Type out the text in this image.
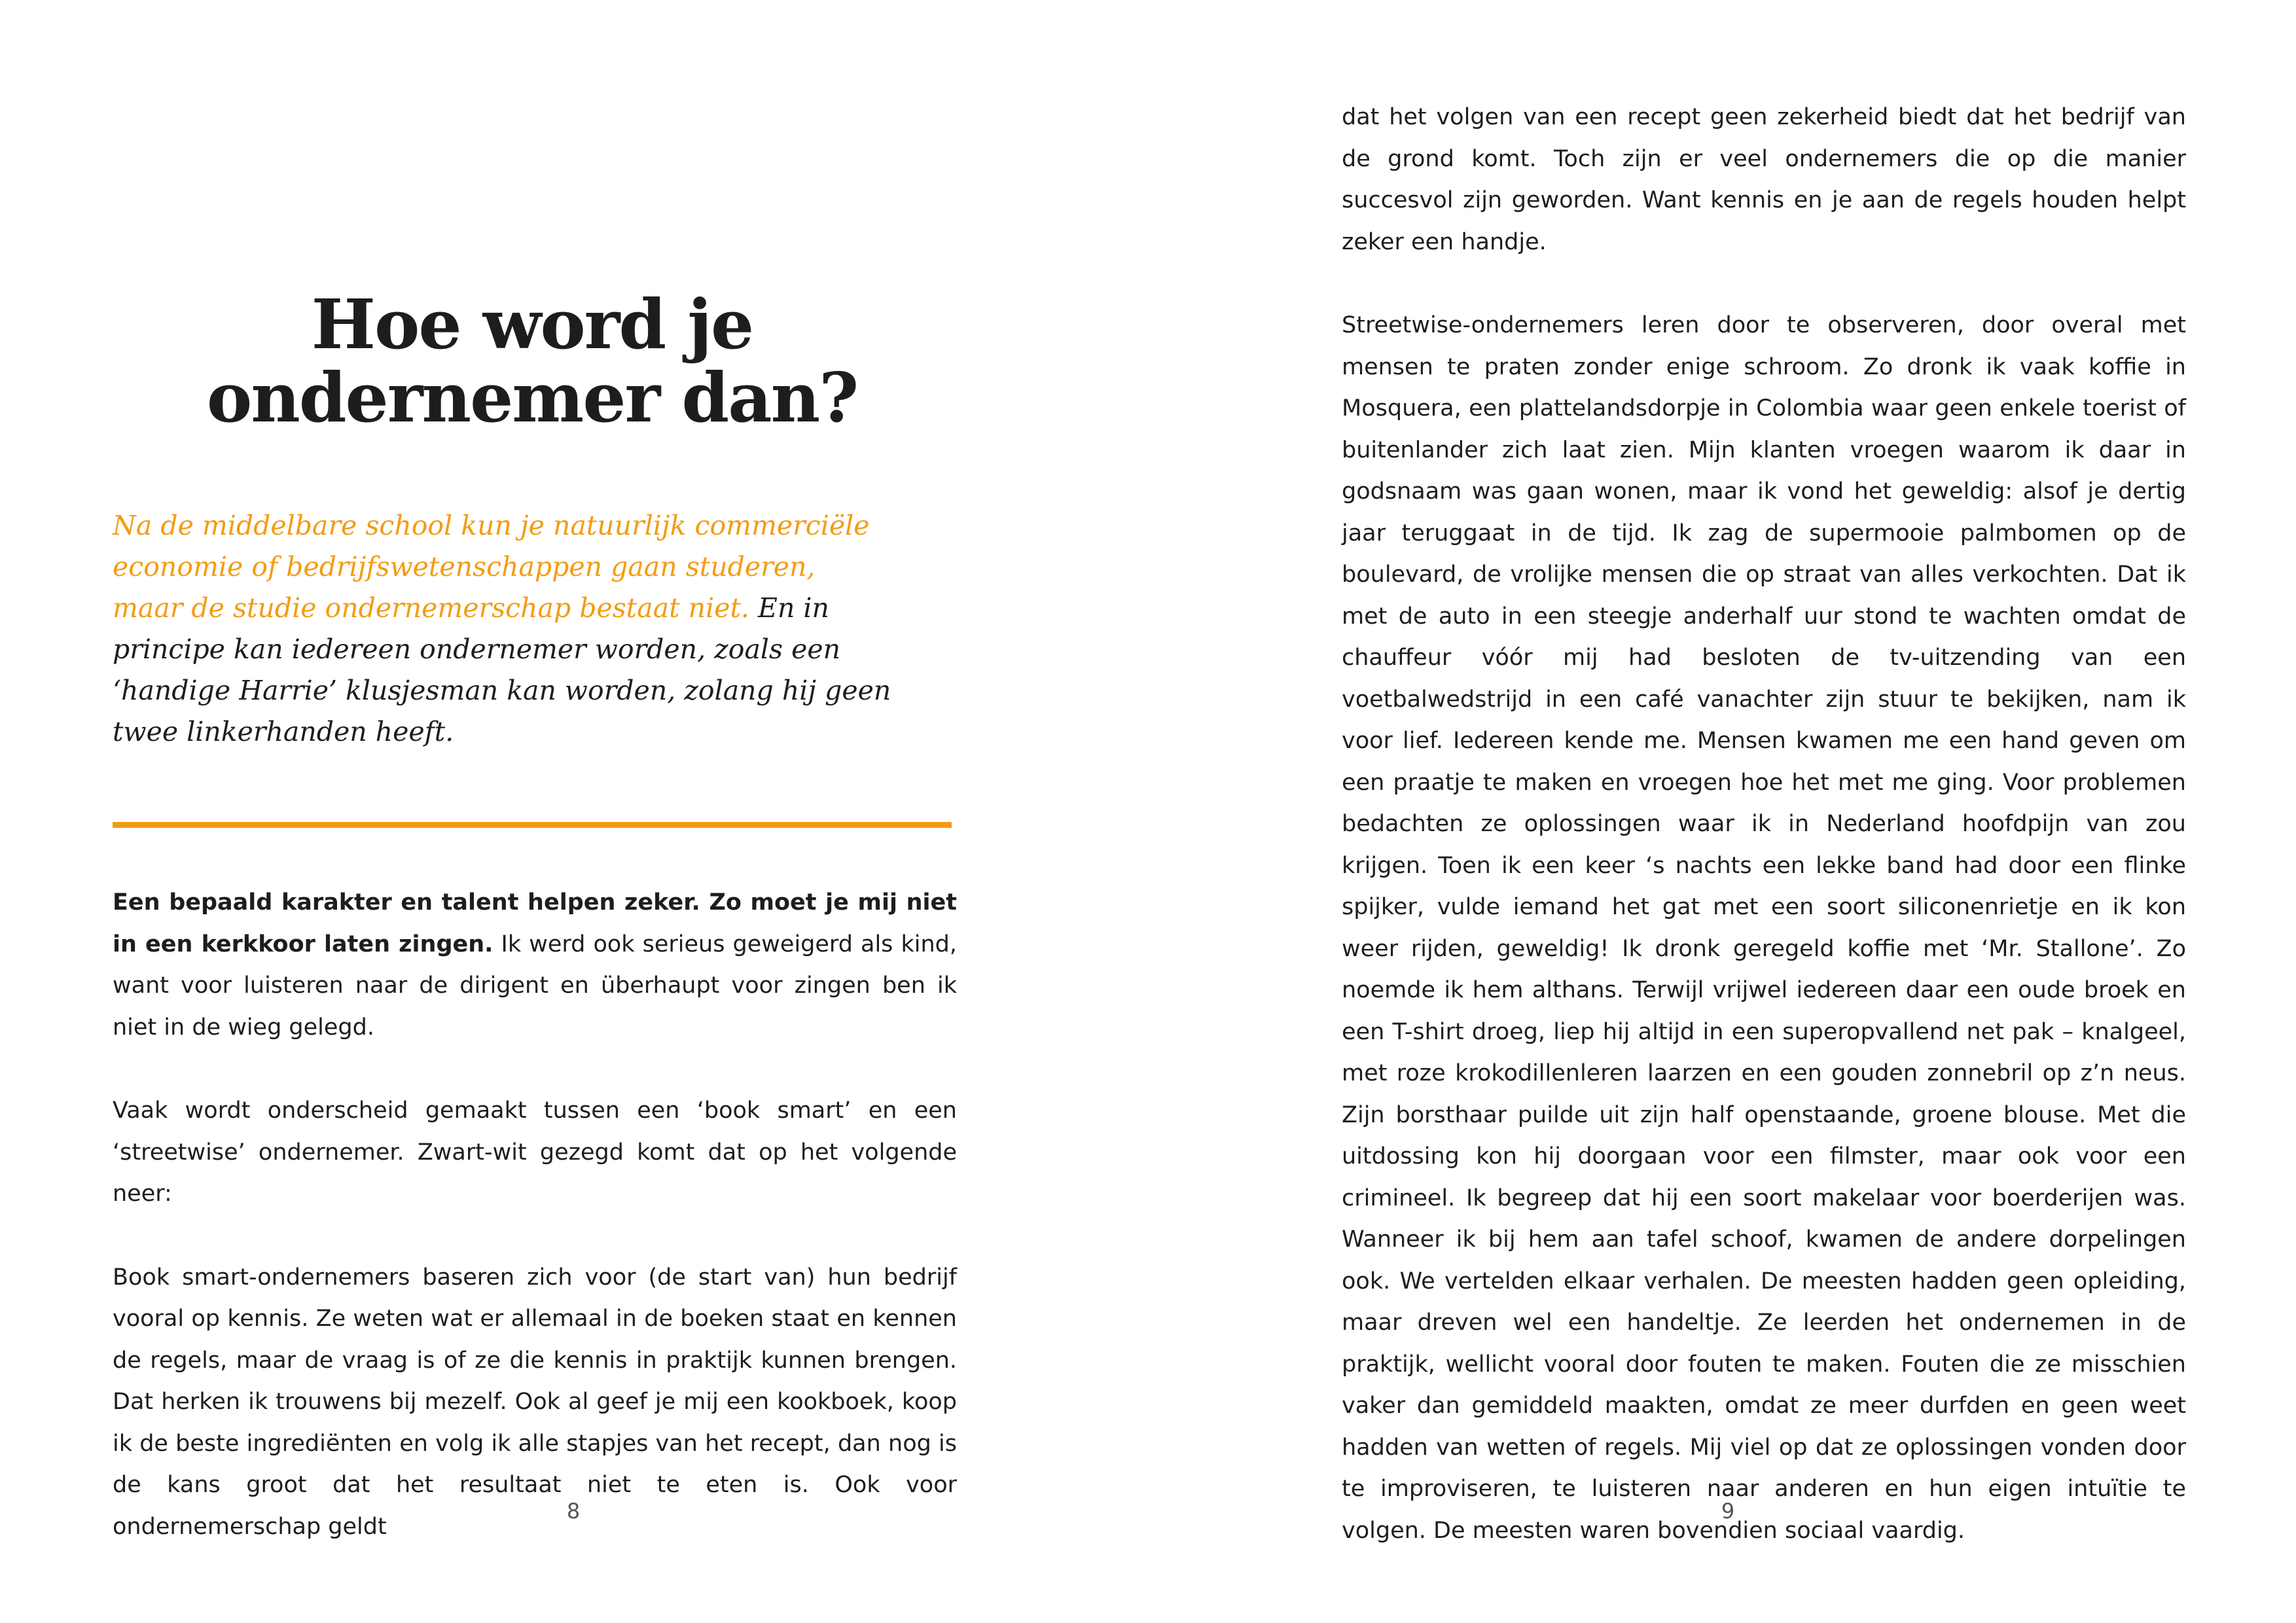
Hoe word je
ondernemer dan?

Na de middelbare school kun je natuurlijk commerciële economie of bedrijfswetenschappen gaan studeren, maar de studie ondernemerschap bestaat niet. En in principe kan iedereen ondernemer worden, zoals een ‘handige Harrie’ klusjesman kan worden, zolang hij geen twee linkerhanden heeft.

Een bepaald karakter en talent helpen zeker. Zo moet je mij niet in een kerkkoor laten zingen. Ik werd ook serieus geweigerd als kind, want voor luisteren naar de dirigent en überhaupt voor zingen ben ik niet in de wieg gelegd.

Vaak wordt onderscheid gemaakt tussen een ‘book smart’ en een ‘streetwise’ ondernemer. Zwart-wit gezegd komt dat op het volgende neer:

Book smart-ondernemers baseren zich voor (de start van) hun bedrijf vooral op kennis. Ze weten wat er allemaal in de boeken staat en kennen de regels, maar de vraag is of ze die kennis in praktijk kunnen brengen. Dat herken ik trouwens bij mezelf. Ook al geef je mij een kookboek, koop ik de beste ingrediënten en volg ik alle stapjes van het recept, dan nog is de kans groot dat het resultaat niet te eten is. Ook voor ondernemerschap geldt

8

dat het volgen van een recept geen zekerheid biedt dat het bedrijf van de grond komt. Toch zijn er veel ondernemers die op die manier succesvol zijn geworden. Want kennis en je aan de regels houden helpt zeker een handje.

Streetwise-ondernemers leren door te observeren, door overal met mensen te praten zonder enige schroom. Zo dronk ik vaak koffie in Mosquera, een plattelandsdorpje in Colombia waar geen enkele toerist of buitenlander zich laat zien. Mijn klanten vroegen waarom ik daar in godsnaam was gaan wonen, maar ik vond het geweldig: alsof je dertig jaar teruggaat in de tijd. Ik zag de supermooie palmbomen op de boulevard, de vrolijke mensen die op straat van alles verkochten. Dat ik met de auto in een steegje anderhalf uur stond te wachten omdat de chauffeur vóór mij had besloten de tv-uitzending van een voetbalwedstrijd in een café vanachter zijn stuur te bekijken, nam ik voor lief. Iedereen kende me. Mensen kwamen me een hand geven om een praatje te maken en vroegen hoe het met me ging. Voor problemen bedachten ze oplossingen waar ik in Nederland hoofdpijn van zou krijgen. Toen ik een keer ‘s nachts een lekke band had door een flinke spijker, vulde iemand het gat met een soort siliconenrietje en ik kon weer rijden, geweldig! Ik dronk geregeld koffie met ‘Mr. Stallone’. Zo noemde ik hem althans. Terwijl vrijwel iedereen daar een oude broek en een T-shirt droeg, liep hij altijd in een superopvallend net pak – knalgeel, met roze krokodillenleren laarzen en een gouden zonnebril op z’n neus. Zijn borsthaar puilde uit zijn half openstaande, groene blouse. Met die uitdossing kon hij doorgaan voor een filmster, maar ook voor een crimineel. Ik begreep dat hij een soort makelaar voor boerderijen was. Wanneer ik bij hem aan tafel schoof, kwamen de andere dorpelingen ook. We vertelden elkaar verhalen. De meesten hadden geen opleiding, maar dreven wel een handeltje. Ze leerden het ondernemen in de praktijk, wellicht vooral door fouten te maken. Fouten die ze misschien vaker dan gemiddeld maakten, omdat ze meer durfden en geen weet hadden van wetten of regels. Mij viel op dat ze oplossingen vonden door te improviseren, te luisteren naar anderen en hun eigen intuïtie te volgen. De meesten waren bovendien sociaal vaardig.

9
